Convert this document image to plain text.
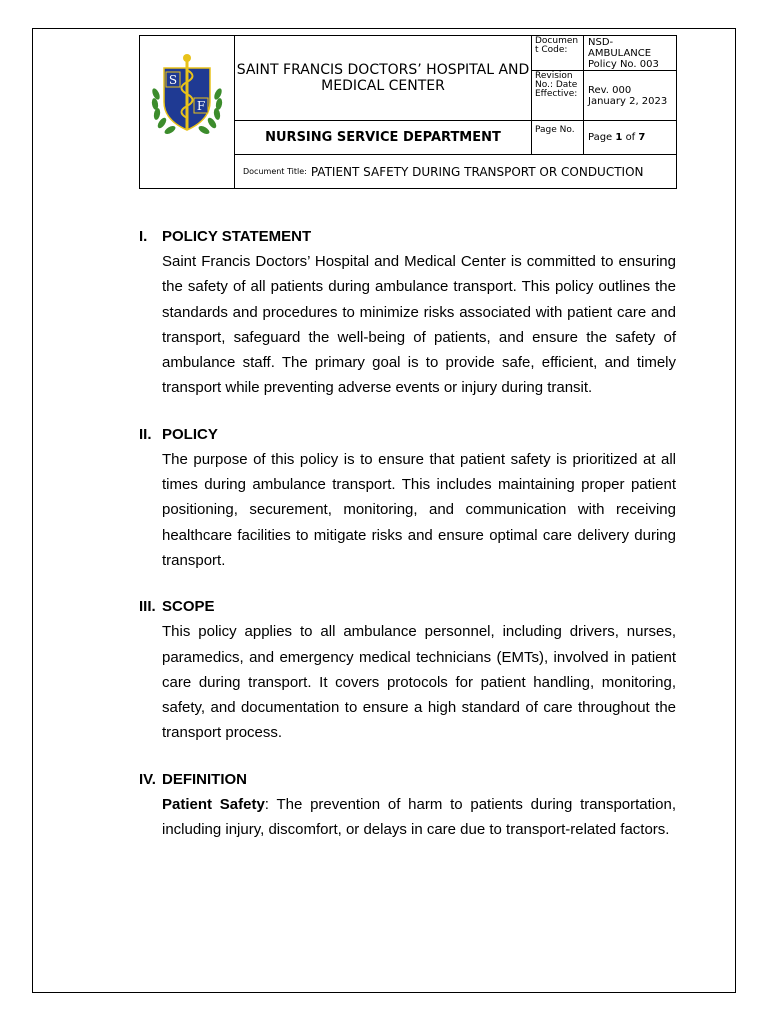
S
F
SAINT FRANCIS DOCTORS’ HOSPITAL AND MEDICAL CENTER
NURSING SERVICE DEPARTMENT
Document Code:
NSD-AMBULANCE Policy No. 003
Revision No.: Date Effective:	Rev. 000
January 2, 2023
Page No.
Page
1
of
7
Document Title: PATIENT SAFETY DURING TRANSPORT OR CONDUCTION
I. POLICY STATEMENT
Saint Francis Doctors’ Hospital and Medical Center is committed to ensuring the safety of all patients during ambulance transport. This policy outlines the standards and procedures to minimize risks associated with patient care and transport, safeguard the well-being of patients, and ensure the safety of ambulance staff. The primary goal is to provide safe, efficient, and timely transport while preventing adverse events or injury during transit.
II. POLICY
The purpose of this policy is to ensure that patient safety is prioritized at all times during ambulance transport. This includes maintaining proper patient positioning, securement, monitoring, and communication with receiving healthcare facilities to mitigate risks and ensure optimal care delivery during transport.
III. SCOPE
This policy applies to all ambulance personnel, including drivers, nurses, paramedics, and emergency medical technicians (EMTs), involved in patient care during transport. It covers protocols for patient handling, monitoring, safety, and documentation to ensure a high standard of care throughout the transport process.
IV. DEFINITION
Patient Safety: The prevention of harm to patients during transportation, including injury, discomfort, or delays in care due to transport-related factors.
